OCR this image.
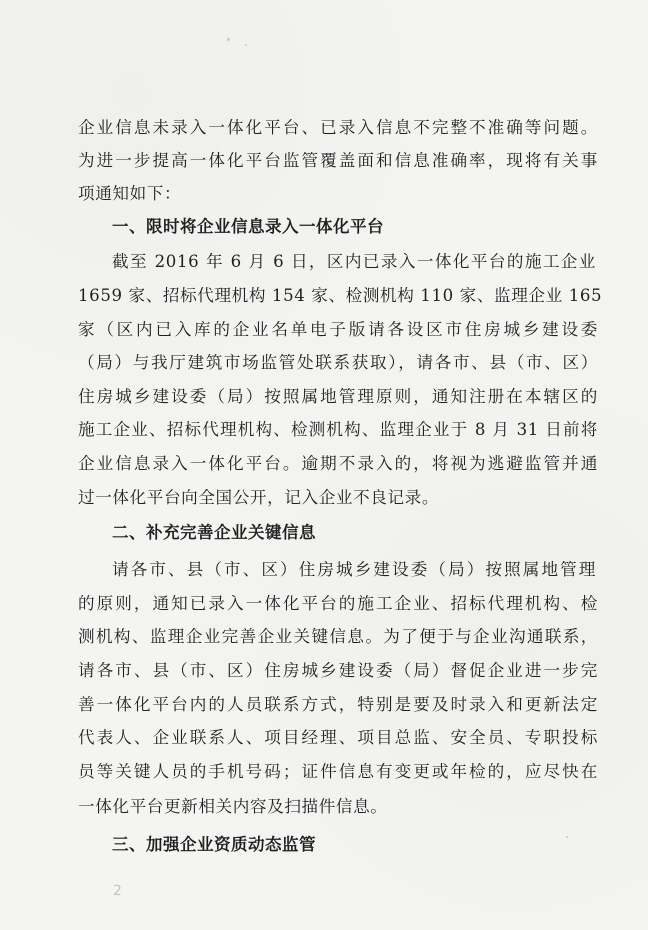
企业信息未录入一体化平台、已录入信息不完整不准确等问题。
为进一步提高一体化平台监管覆盖面和信息准确率，现将有关事
项通知如下：
一、限时将企业信息录入一体化平台
截至 2016 年 6 月 6 日，区内已录入一体化平台的施工企业
1659 家、招标代理机构 154 家、检测机构 110 家、监理企业 165
家（区内已入库的企业名单电子版请各设区市住房城乡建设委
（局）与我厅建筑市场监管处联系获取），请各市、县（市、区）
住房城乡建设委（局）按照属地管理原则，通知注册在本辖区的
施工企业、招标代理机构、检测机构、监理企业于 8 月 31 日前将
企业信息录入一体化平台。逾期不录入的，将视为逃避监管并通
过一体化平台向全国公开，记入企业不良记录。
二、补充完善企业关键信息
请各市、县（市、区）住房城乡建设委（局）按照属地管理
的原则，通知已录入一体化平台的施工企业、招标代理机构、检
测机构、监理企业完善企业关键信息。为了便于与企业沟通联系，
请各市、县（市、区）住房城乡建设委（局）督促企业进一步完
善一体化平台内的人员联系方式，特别是要及时录入和更新法定
代表人、企业联系人、项目经理、项目总监、安全员、专职投标
员等关键人员的手机号码；证件信息有变更或年检的，应尽快在
一体化平台更新相关内容及扫描件信息。
三、加强企业资质动态监管
2
